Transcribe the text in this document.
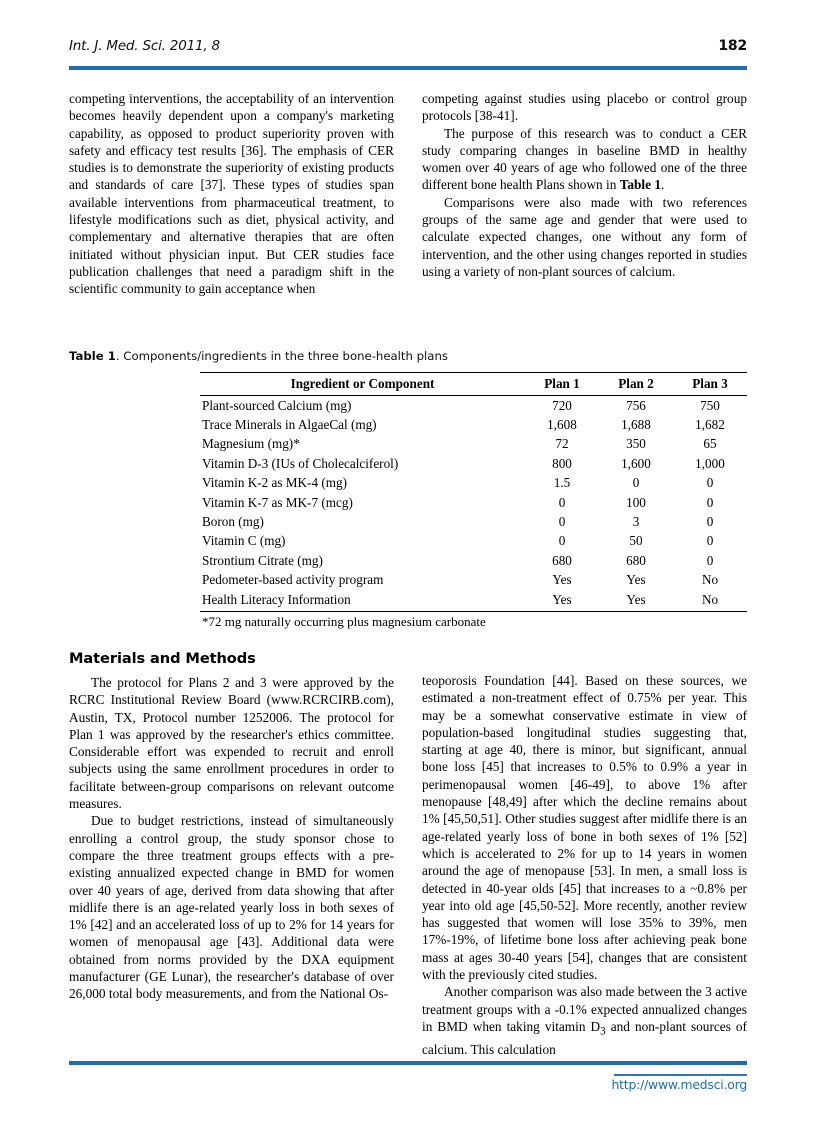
Int. J. Med. Sci. 2011, 8	182

competing interventions, the acceptability of an intervention becomes heavily dependent upon a company's marketing capability, as opposed to product superiority proven with safety and efficacy test results [36]. The emphasis of CER studies is to demonstrate the superiority of existing products and standards of care [37]. These types of studies span available interventions from pharmaceutical treatment, to lifestyle modifications such as diet, physical activity, and complementary and alternative therapies that are often initiated without physician input. But CER studies face publication challenges that need a paradigm shift in the scientific community to gain acceptance when

competing against studies using placebo or control group protocols [38-41].

The purpose of this research was to conduct a CER study comparing changes in baseline BMD in healthy women over 40 years of age who followed one of the three different bone health Plans shown in Table 1.

Comparisons were also made with two references groups of the same age and gender that were used to calculate expected changes, one without any form of intervention, and the other using changes reported in studies using a variety of non-plant sources of calcium.

Table 1. Components/ingredients in the three bone-health plans
Ingredient or Component	Plan 1	Plan 2	Plan 3
Plant-sourced Calcium (mg)	720	756	750
Trace Minerals in AlgaeCal (mg)	1,608	1,688	1,682
Magnesium (mg)*	72	350	65
Vitamin D-3 (IUs of Cholecalciferol)	800	1,600	1,000
Vitamin K-2 as MK-4 (mg)	1.5	0	0
Vitamin K-7 as MK-7 (mcg)	0	100	0
Boron (mg)	0	3	0
Vitamin C (mg)	0	50	0
Strontium Citrate (mg)	680	680	0
Pedometer-based activity program	Yes	Yes	No
Health Literacy Information	Yes	Yes	No
*72 mg naturally occurring plus magnesium carbonate
Materials and Methods

The protocol for Plans 2 and 3 were approved by the RCRC Institutional Review Board (www.RCRCIRB.com), Austin, TX, Protocol number 1252006. The protocol for Plan 1 was approved by the researcher's ethics committee. Considerable effort was expended to recruit and enroll subjects using the same enrollment procedures in order to facilitate between-group comparisons on relevant outcome measures.

Due to budget restrictions, instead of simultaneously enrolling a control group, the study sponsor chose to compare the three treatment groups effects with a pre-existing annualized expected change in BMD for women over 40 years of age, derived from data showing that after midlife there is an age-related yearly loss in both sexes of 1% [42] and an accelerated loss of up to 2% for 14 years for women of menopausal age [43]. Additional data were obtained from norms provided by the DXA equipment manufacturer (GE Lunar), the researcher's database of over 26,000 total body measurements, and from the National Os-

teoporosis Foundation [44]. Based on these sources, we estimated a non-treatment effect of 0.75% per year. This may be a somewhat conservative estimate in view of population-based longitudinal studies suggesting that, starting at age 40, there is minor, but significant, annual bone loss [45] that increases to 0.5% to 0.9% a year in perimenopausal women [46-49], to above 1% after menopause [48,49] after which the decline remains about 1% [45,50,51]. Other studies suggest after midlife there is an age-related yearly loss of bone in both sexes of 1% [52] which is accelerated to 2% for up to 14 years in women around the age of menopause [53]. In men, a small loss is detected in 40-year olds [45] that increases to a ~0.8% per year into old age [45,50-52]. More recently, another review has suggested that women will lose 35% to 39%, men 17%-19%, of lifetime bone loss after achieving peak bone mass at ages 30-40 years [54], changes that are consistent with the previously cited studies.

Another comparison was also made between the 3 active treatment groups with a -0.1% expected annualized changes in BMD when taking vitamin $D_3$ and non-plant sources of calcium. This calculation

http://www.medsci.org
